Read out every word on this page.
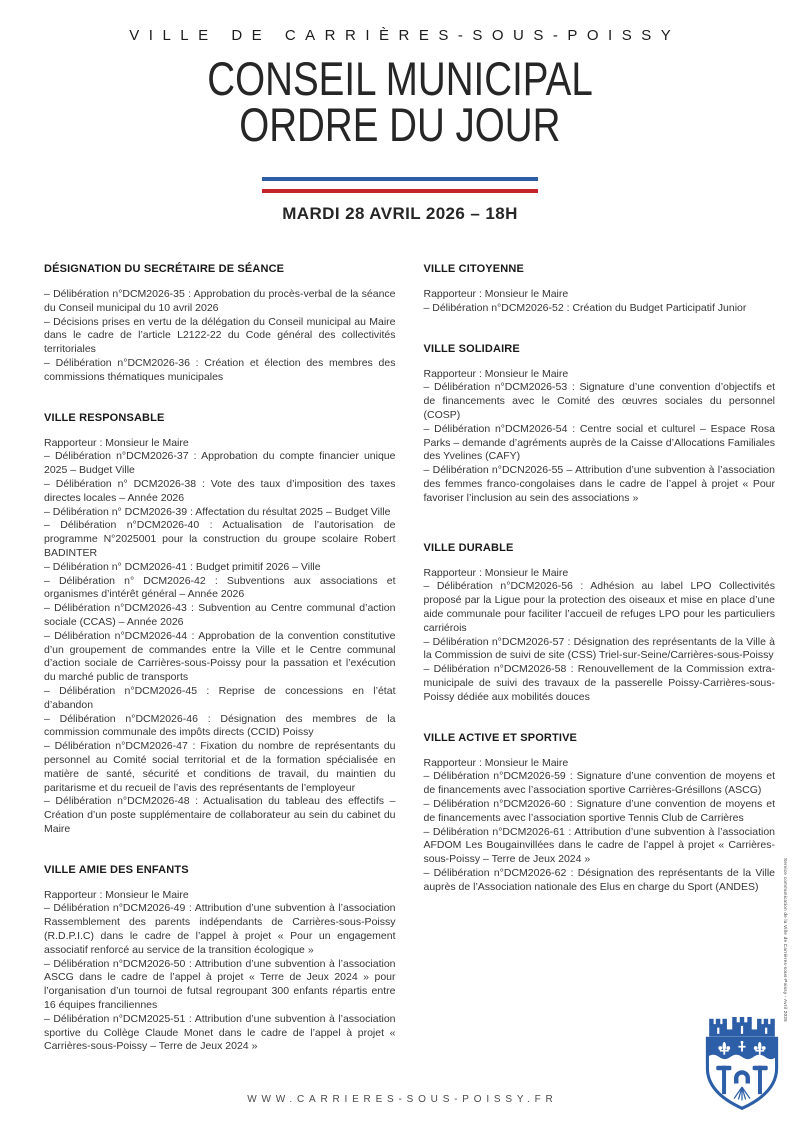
VILLE DE CARRIÈRES-SOUS-POISSY
CONSEIL MUNICIPAL
ORDRE DU JOUR
MARDI 28 AVRIL 2026 – 18H
DÉSIGNATION DU SECRÉTAIRE DE SÉANCE

– Délibération n°DCM2026-35 : Approbation du procès-verbal de la séance du Conseil municipal du 10 avril 2026

– Décisions prises en vertu de la délégation du Conseil municipal au Maire dans le cadre de l’article L2122-22 du Code général des collectivités territoriales

– Délibération n°DCM2026-36 : Création et élection des membres des commissions thématiques municipales

VILLE RESPONSABLE

Rapporteur : Monsieur le Maire

– Délibération n°DCM2026-37 : Approbation du compte financier unique 2025 – Budget Ville

– Délibération n° DCM2026-38 : Vote des taux d’imposition des taxes directes locales – Année 2026

– Délibération n° DCM2026-39 : Affectation du résultat 2025 – Budget Ville

– Délibération n°DCM2026-40 : Actualisation de l’autorisation de programme N°2025001 pour la construction du groupe scolaire Robert BADINTER

– Délibération n° DCM2026-41 : Budget primitif 2026 – Ville

– Délibération n° DCM2026-42 : Subventions aux associations et organismes d’intérêt général – Année 2026

– Délibération n°DCM2026-43 : Subvention au Centre communal d’action sociale (CCAS) – Année 2026

– Délibération n°DCM2026-44 : Approbation de la convention constitutive d’un groupement de commandes entre la Ville et le Centre communal d’action sociale de Carrières-sous-Poissy pour la passation et l’exécution du marché public de transports

– Délibération n°DCM2026-45 : Reprise de concessions en l’état d’abandon

– Délibération n°DCM2026-46 : Désignation des membres de la commission communale des impôts directs (CCID) Poissy

– Délibération n°DCM2026-47 : Fixation du nombre de représentants du personnel au Comité social territorial et de la formation spécialisée en matière de santé, sécurité et conditions de travail, du maintien du paritarisme et du recueil de l’avis des représentants de l’employeur

– Délibération n°DCM2026-48 : Actualisation du tableau des effectifs – Création d’un poste supplémentaire de collaborateur au sein du cabinet du Maire

VILLE AMIE DES ENFANTS

Rapporteur : Monsieur le Maire

– Délibération n°DCM2026-49 : Attribution d’une subvention à l’association Rassemblement des parents indépendants de Carrières-sous-Poissy (R.D.P.I.C) dans le cadre de l’appel à projet « Pour un engagement associatif renforcé au service de la transition écologique »

– Délibération n°DCM2026-50 : Attribution d’une subvention à l’association ASCG dans le cadre de l’appel à projet « Terre de Jeux 2024 » pour l’organisation d’un tournoi de futsal regroupant 300 enfants répartis entre 16 équipes franciliennes

– Délibération n°DCM2025-51 : Attribution d’une subvention à l’association sportive du Collège Claude Monet dans le cadre de l’appel à projet « Carrières-sous-Poissy – Terre de Jeux 2024 »

VILLE CITOYENNE

Rapporteur : Monsieur le Maire

– Délibération n°DCM2026-52 : Création du Budget Participatif Junior

VILLE SOLIDAIRE

Rapporteur : Monsieur le Maire

– Délibération n°DCM2026-53 : Signature d’une convention d’objectifs et de financements avec le Comité des œuvres sociales du personnel (COSP)

– Délibération n°DCM2026-54 : Centre social et culturel – Espace Rosa Parks – demande d’agréments auprès de la Caisse d’Allocations Familiales des Yvelines (CAFY)

– Délibération n°DCN2026-55 – Attribution d’une subvention à l’association des femmes franco-congolaises dans le cadre de l’appel à projet « Pour favoriser l’inclusion au sein des associations »

VILLE DURABLE

Rapporteur : Monsieur le Maire

– Délibération n°DCM2026-56 : Adhésion au label LPO Collectivités proposé par la Ligue pour la protection des oiseaux et mise en place d’une aide communale pour faciliter l’accueil de refuges LPO pour les particuliers carriérois

– Délibération n°DCM2026-57 : Désignation des représentants de la Ville à la Commission de suivi de site (CSS) Triel-sur-Seine/Carrières-sous-Poissy

– Délibération n°DCM2026-58 : Renouvellement de la Commission extra-municipale de suivi des travaux de la passerelle Poissy-Carrières-sous-Poissy dédiée aux mobilités douces

VILLE ACTIVE ET SPORTIVE

Rapporteur : Monsieur le Maire

– Délibération n°DCM2026-59 : Signature d’une convention de moyens et de financements avec l’association sportive Carrières-Grésillons (ASCG)

– Délibération n°DCM2026-60 : Signature d’une convention de moyens et de financements avec l’association sportive Tennis Club de Carrières

– Délibération n°DCM2026-61 : Attribution d’une subvention à l’association AFDOM Les Bougainvillées dans le cadre de l’appel à projet « Carrières-sous-Poissy – Terre de Jeux 2024 »

– Délibération n°DCM2026-62 : Désignation des représentants de la Ville auprès de l’Association nationale des Elus en charge du Sport (ANDES)	Service communication de la Ville de Carrières-sous-Poissy - Avril 2026
WWW.CARRIERES-SOUS-POISSY.FR
